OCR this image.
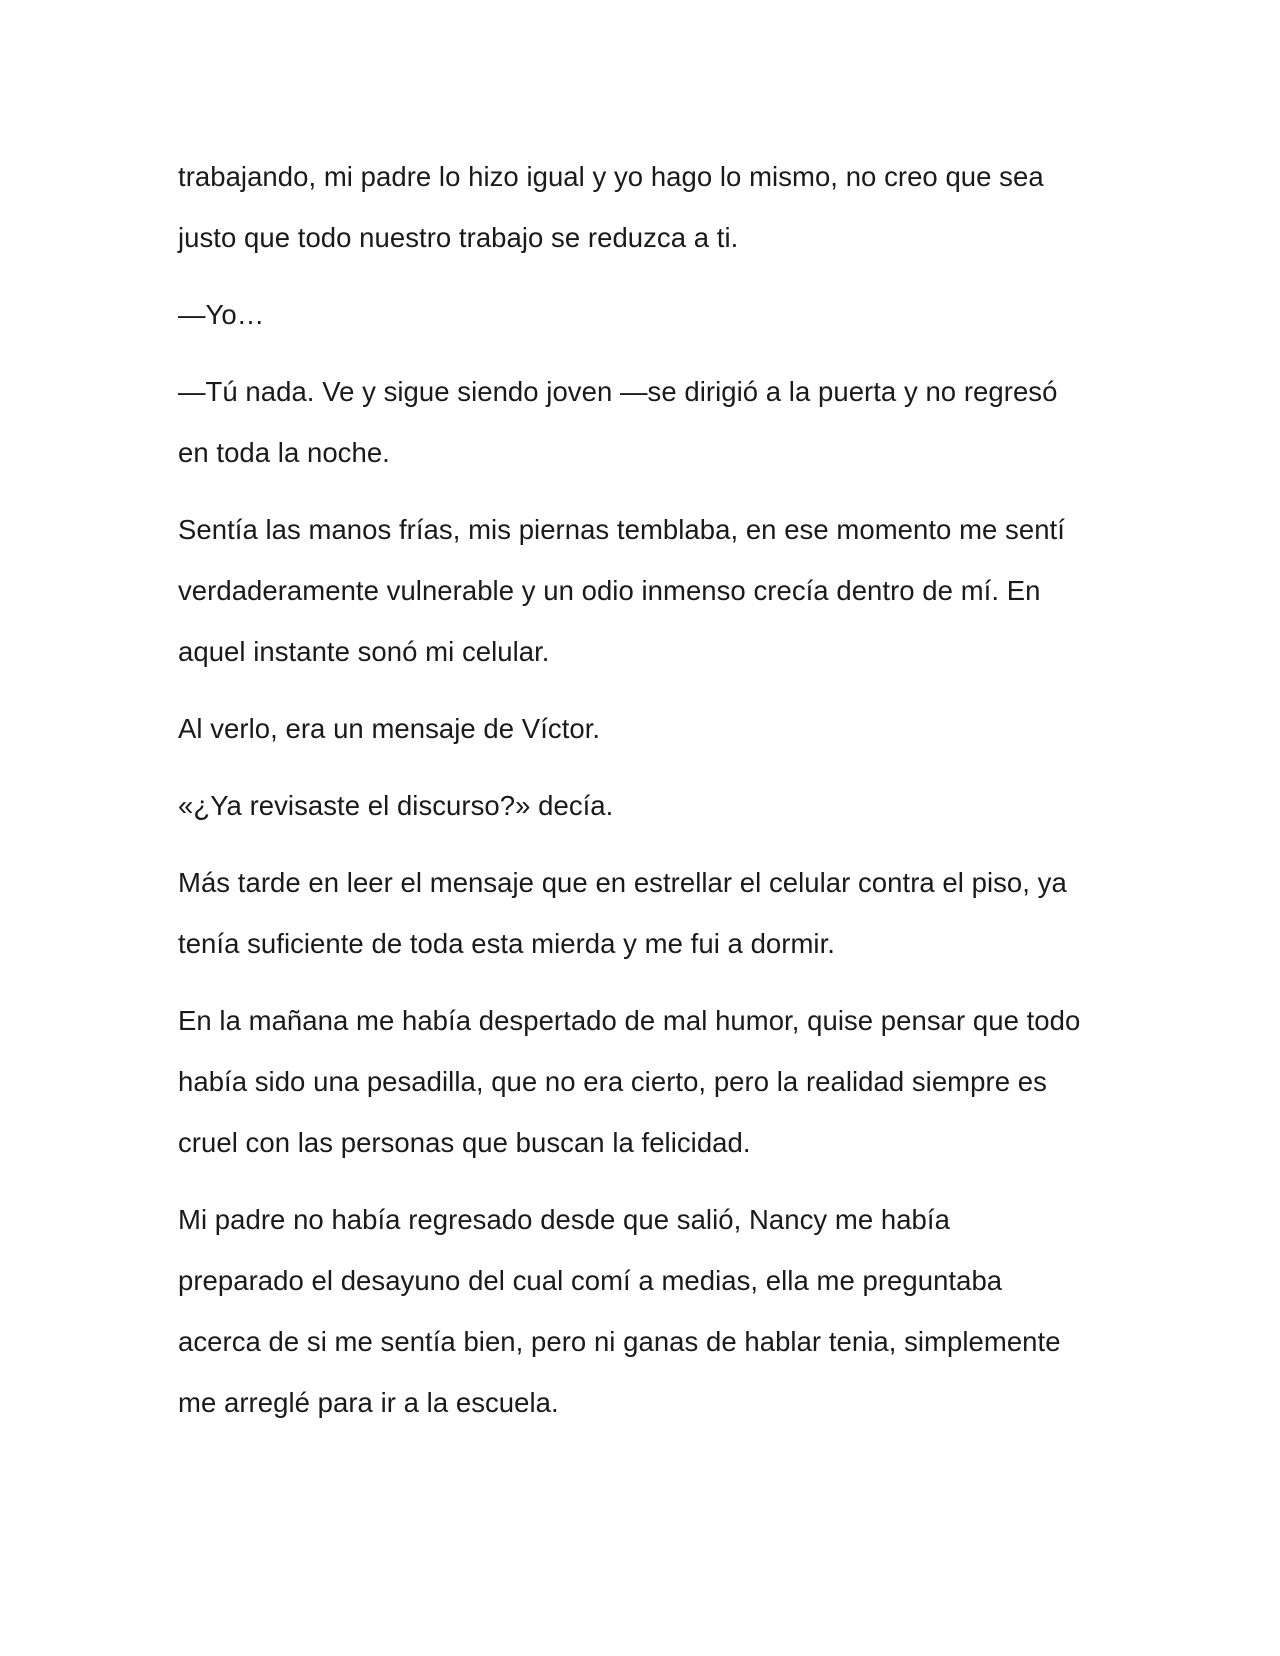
trabajando, mi padre lo hizo igual y yo hago lo mismo, no creo que sea
justo que todo nuestro trabajo se reduzca a ti.
—Yo…
—Tú nada. Ve y sigue siendo joven —se dirigió a la puerta y no regresó
en toda la noche.
Sentía las manos frías, mis piernas temblaba, en ese momento me sentí
verdaderamente vulnerable y un odio inmenso crecía dentro de mí. En
aquel instante sonó mi celular.
Al verlo, era un mensaje de Víctor.
«¿Ya revisaste el discurso?» decía.
Más tarde en leer el mensaje que en estrellar el celular contra el piso, ya
tenía suficiente de toda esta mierda y me fui a dormir.
En la mañana me había despertado de mal humor, quise pensar que todo
había sido una pesadilla, que no era cierto, pero la realidad siempre es
cruel con las personas que buscan la felicidad.
Mi padre no había regresado desde que salió, Nancy me había
preparado el desayuno del cual comí a medias, ella me preguntaba
acerca de si me sentía bien, pero ni ganas de hablar tenia, simplemente
me arreglé para ir a la escuela.
